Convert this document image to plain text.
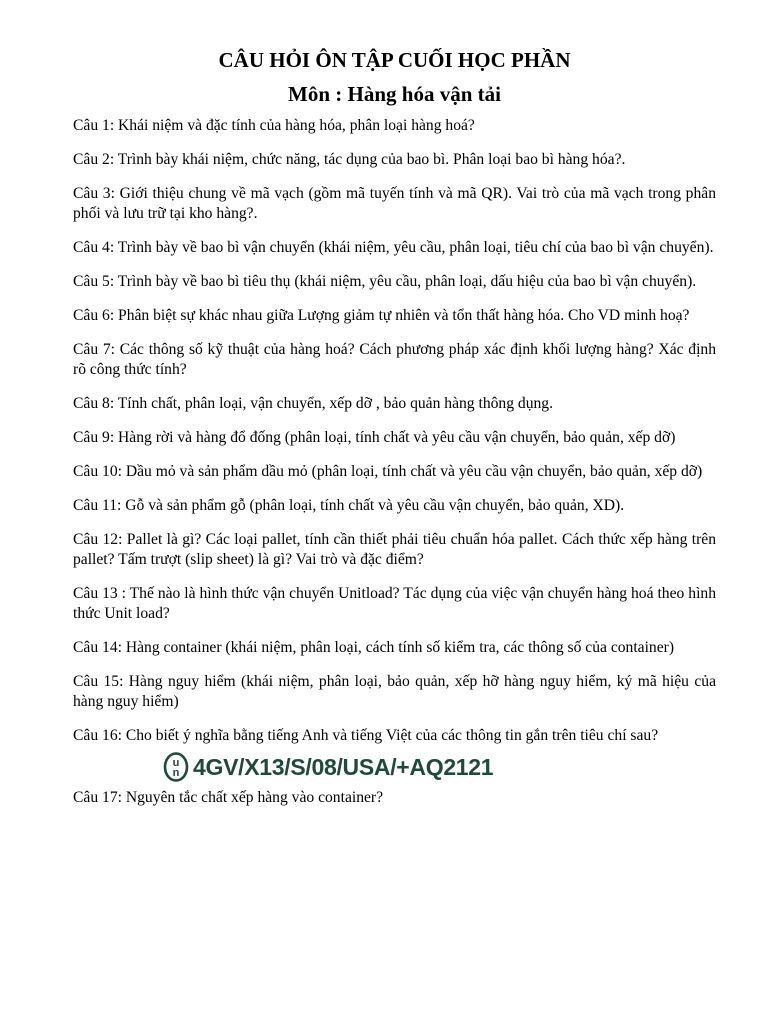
CÂU HỎI ÔN TẬP CUỐI HỌC PHẦN
Môn : Hàng hóa vận tải

Câu 1: Khái niệm và đặc tính của hàng hóa, phân loại hàng hoá?

Câu 2: Trình bày khái niệm, chức năng, tác dụng của bao bì. Phân loại bao bì hàng hóa?.

Câu 3: Giới thiệu chung về mã vạch (gồm mã tuyến tính và mã QR). Vai trò của mã vạch trong phân phối và lưu trữ tại kho hàng?.

Câu 4: Trình bày về bao bì vận chuyển (khái niệm, yêu cầu, phân loại, tiêu chí của bao bì vận chuyển).

Câu 5: Trình bày về bao bì tiêu thụ (khái niệm, yêu cầu, phân loại, dấu hiệu của bao bì vận chuyển).

Câu 6: Phân biệt sự khác nhau giữa Lượng giảm tự nhiên và tổn thất hàng hóa. Cho VD minh hoạ?

Câu 7: Các thông số kỹ thuật của hàng hoá? Cách phương pháp xác định khối lượng hàng? Xác định rõ công thức tính?

Câu 8: Tính chất, phân loại, vận chuyển, xếp dỡ , bảo quản hàng thông dụng.

Câu 9: Hàng rời và hàng đổ đống (phân loại, tính chất và yêu cầu vận chuyển, bảo quản, xếp dỡ)

Câu 10: Dầu mỏ và sản phẩm dầu mỏ (phân loại, tính chất và yêu cầu vận chuyển, bảo quản, xếp dỡ)

Câu 11: Gỗ và sản phẩm gỗ (phân loại, tính chất và yêu cầu vận chuyển, bảo quản, XD).

Câu 12: Pallet là gì? Các loại pallet, tính cần thiết phải tiêu chuẩn hóa pallet. Cách thức xếp hàng trên pallet? Tấm trượt (slip sheet) là gì? Vai trò và đặc điểm?

Câu 13 : Thế nào là hình thức vận chuyển Unitload? Tác dụng của việc vận chuyển hàng hoá theo hình thức Unit load?

Câu 14: Hàng container (khái niệm, phân loại, cách tính số kiểm tra, các thông số của container)

Câu 15: Hàng nguy hiểm (khái niệm, phân loại, bảo quản, xếp hỡ hàng nguy hiểm, ký mã hiệu của hàng nguy hiểm)

Câu 16: Cho biết ý nghĩa bằng tiếng Anh và tiếng Việt của các thông tin gắn trên tiêu chí sau?

u
n 4GV/X13/S/08/USA/+AQ2121

Câu 17: Nguyên tắc chất xếp hàng vào container?
